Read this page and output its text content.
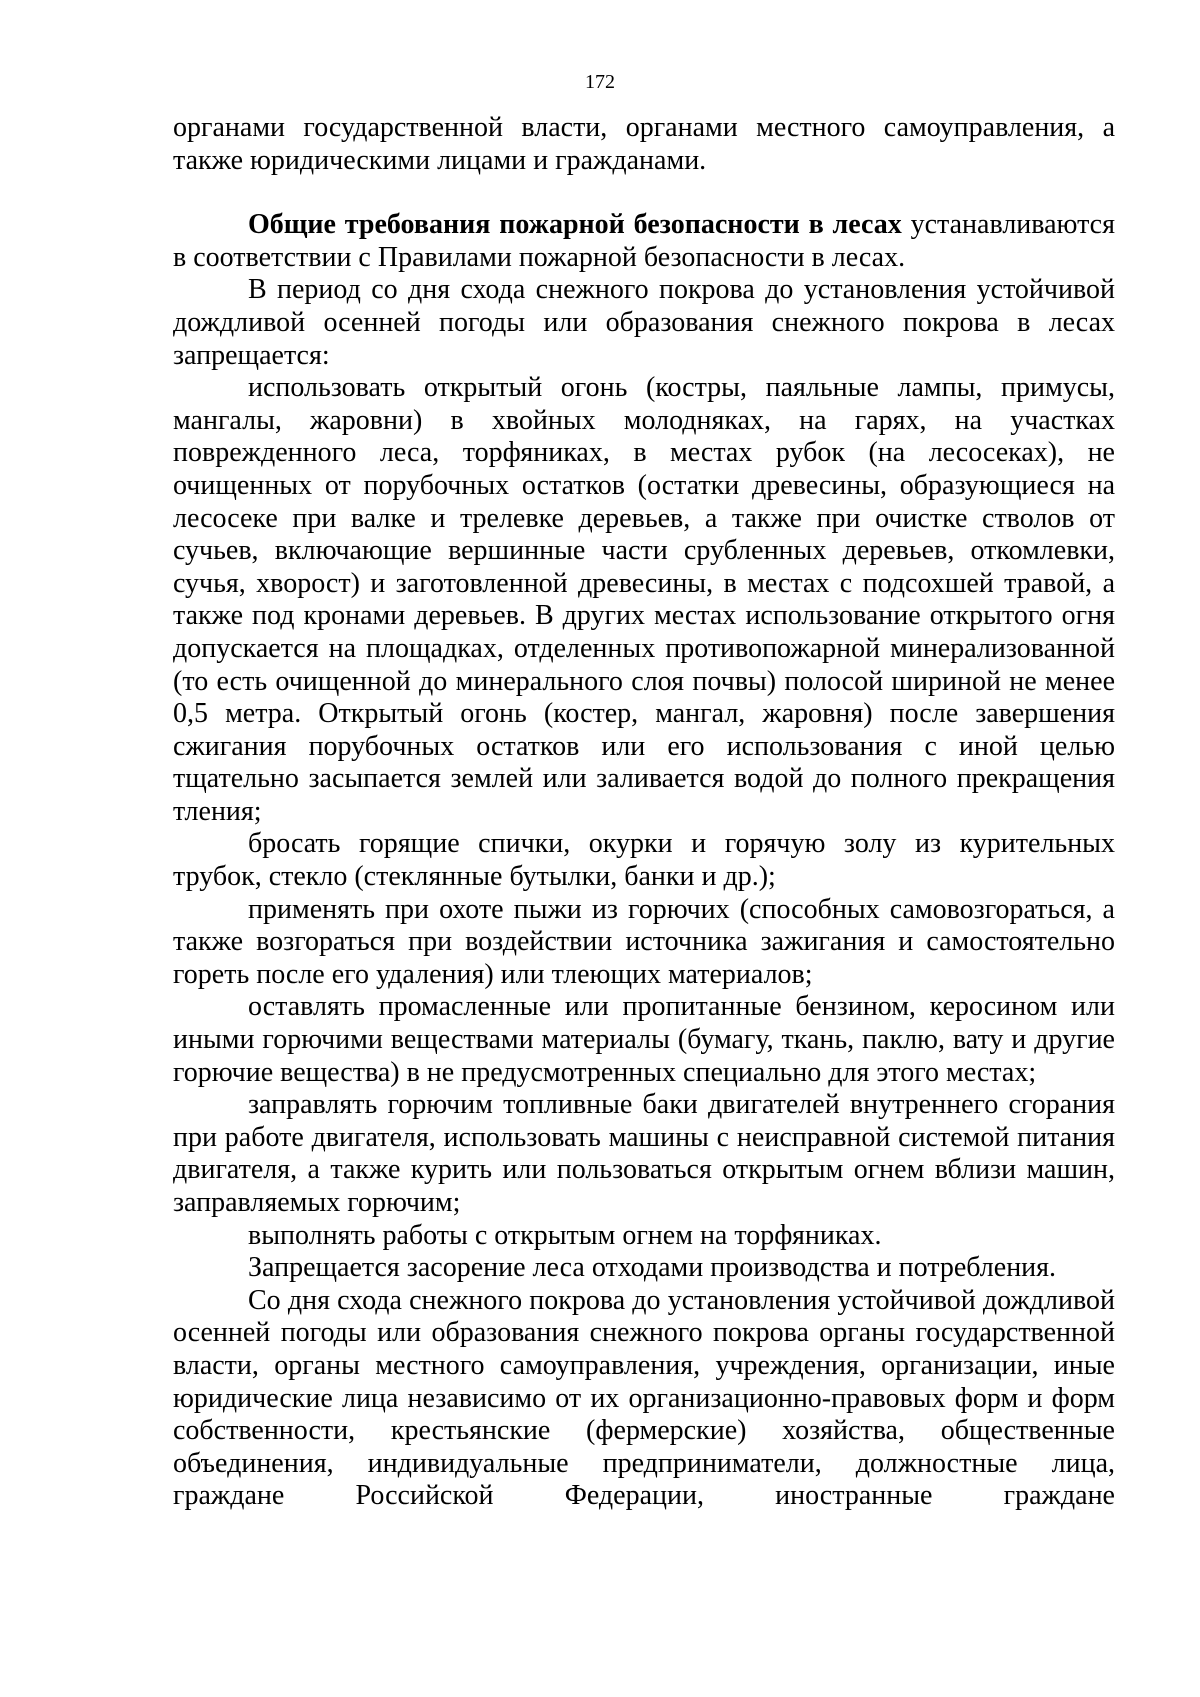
172

органами государственной власти, органами местного самоуправления, а также юридическими лицами и гражданами.

Общие требования пожарной безопасности в лесах устанавливаются в соответствии с Правилами пожарной безопасности в лесах.

В период со дня схода снежного покрова до установления устойчивой дождливой осенней погоды или образования снежного покрова в лесах запрещается:

использовать открытый огонь (костры, паяльные лампы, примусы, мангалы, жаровни) в хвойных молодняках, на гарях, на участках поврежденного леса, торфяниках, в местах рубок (на лесосеках), не очищенных от порубочных остатков (остатки древесины, образующиеся на лесосеке при валке и трелевке деревьев, а также при очистке стволов от сучьев, включающие вершинные части срубленных деревьев, откомлевки, сучья, хворост) и заготовленной древесины, в местах с подсохшей травой, а также под кронами деревьев. В других местах использование открытого огня допускается на площадках, отделенных противопожарной минерализованной (то есть очищенной до минерального слоя почвы) полосой шириной не менее 0,5 метра. Открытый огонь (костер, мангал, жаровня) после завершения сжигания порубочных остатков или его использования с иной целью тщательно засыпается землей или заливается водой до полного прекращения тления;

бросать горящие спички, окурки и горячую золу из курительных трубок, стекло (стеклянные бутылки, банки и др.);

применять при охоте пыжи из горючих (способных самовозгораться, а также возгораться при воздействии источника зажигания и самостоятельно гореть после его удаления) или тлеющих материалов;

оставлять промасленные или пропитанные бензином, керосином или иными горючими веществами материалы (бумагу, ткань, паклю, вату и другие горючие вещества) в не предусмотренных специально для этого местах;

заправлять горючим топливные баки двигателей внутреннего сгорания при работе двигателя, использовать машины с неисправной системой питания двигателя, а также курить или пользоваться открытым огнем вблизи машин, заправляемых горючим;

выполнять работы с открытым огнем на торфяниках.

Запрещается засорение леса отходами производства и потребления.

Со дня схода снежного покрова до установления устойчивой дождливой осенней погоды или образования снежного покрова органы государственной власти, органы местного самоуправления, учреждения, организации, иные юридические лица независимо от их организационно-правовых форм и форм собственности, крестьянские (фермерские) хозяйства, общественные объединения, индивидуальные предприниматели, должностные лица, граждане Российской Федерации, иностранные граждане
